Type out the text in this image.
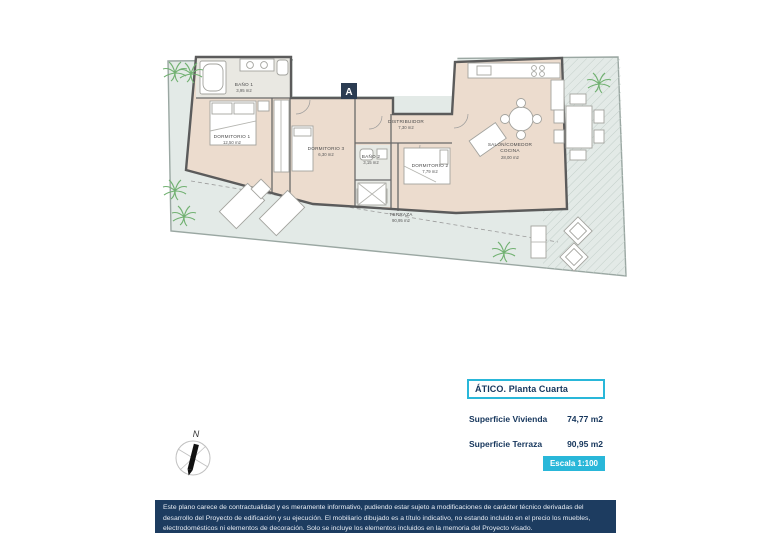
BAÑO 1
3,95 m2
DORMITORIO 1
12,50 m2
DORMITORIO 3
6,30 m2	BAÑO 2
3,15 m2
DISTRIBUIDOR
7,30 m2
DORMITORIO 2
7,79 m2
SALÓN/COMEDOR
COCINA
28,00 m2
TERRAZA
90,95 m2
A
N
ÁTICO. Planta Cuarta
Superficie Vivienda 74,77 m2
Superficie Terraza	90,95 m2
Escala 1:100
Este plano carece de contractualidad y es meramente informativo, pudiendo estar sujeto a modificaciones de carácter técnico derivadas del desarrollo del Proyecto de edificación y su ejecución. El mobiliario dibujado es a título indicativo, no estando incluido en el precio los muebles, electrodomésticos ni elementos de decoración. Solo se incluye los elementos incluidos en la memoria del Proyecto visado.
